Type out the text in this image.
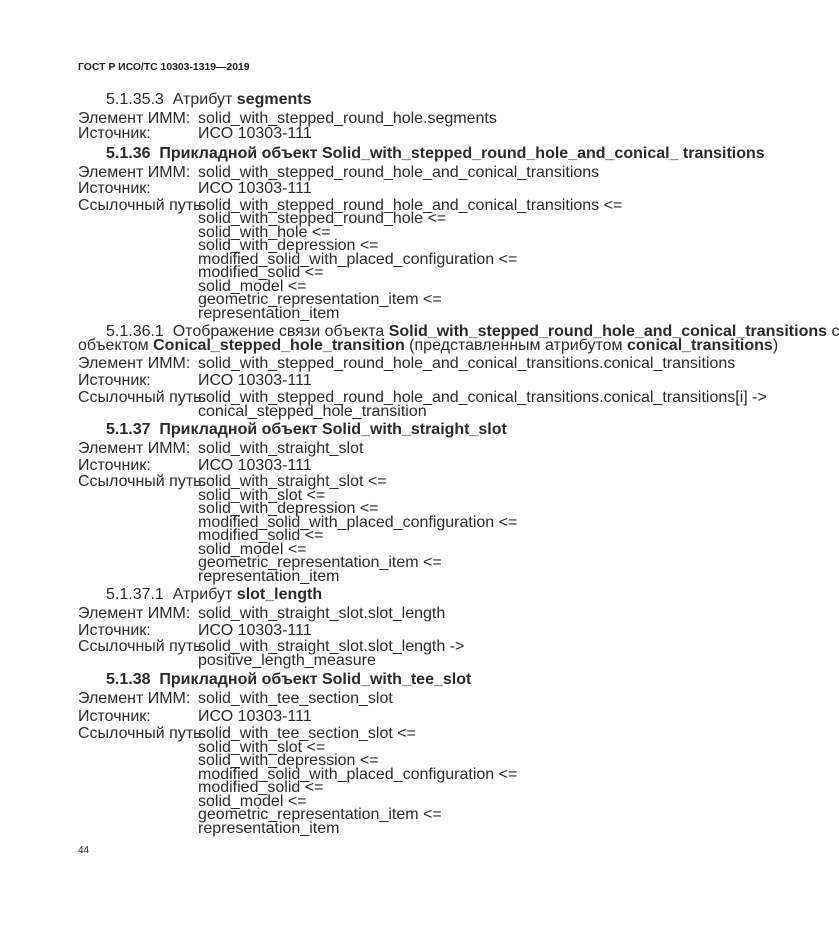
ГОСТ Р ИСО/ТС 10303-1319—2019
5.1.35.3 Атрибут segments
Элемент ИММ: solid_with_stepped_round_hole.segments
Источник:	ИСО 10303-111
5.1.36 Прикладной объект Solid_with_stepped_round_hole_and_conical_ transitions
Элемент ИММ: solid_with_stepped_round_hole_and_conical_transitions
Источник:	ИСО 10303-111
Ссылочный путь:
solid_with_stepped_round_hole_and_conical_transitions <=
solid_with_stepped_round_hole <=
solid_with_hole <=
solid_with_depression <=
modified_solid_with_placed_configuration <=
modified_solid <=
solid_model <=
geometric_representation_item <=
representation_item
5.1.36.1 Отображение связи объекта Solid_with_stepped_round_hole_and_conical_transitions с
объектом Conical_stepped_hole_transition (представленным атрибутом conical_transitions)
Элемент ИММ: solid_with_stepped_round_hole_and_conical_transitions.conical_transitions
Источник:	ИСО 10303-111
Ссылочный путь:
solid_with_stepped_round_hole_and_conical_transitions.conical_transitions[i] ->
conical_stepped_hole_transition
5.1.37 Прикладной объект Solid_with_straight_slot
Элемент ИММ: solid_with_straight_slot
Источник:	ИСО 10303-111
Ссылочный путь:
solid_with_straight_slot <=
solid_with_slot <=
solid_with_depression <=
modified_solid_with_placed_configuration <=
modified_solid <=
solid_model <=
geometric_representation_item <=
representation_item
5.1.37.1 Атрибут slot_length
Элемент ИММ: solid_with_straight_slot.slot_length
Источник:	ИСО 10303-111
Ссылочный путь:
solid_with_straight_slot.slot_length ->
positive_length_measure
5.1.38 Прикладной объект Solid_with_tee_slot
Элемент ИММ: solid_with_tee_section_slot
Источник:	ИСО 10303-111
Ссылочный путь:
solid_with_tee_section_slot <=
solid_with_slot <=
solid_with_depression <=
modified_solid_with_placed_configuration <=
modified_solid <=
solid_model <=
geometric_representation_item <=
representation_item
44
